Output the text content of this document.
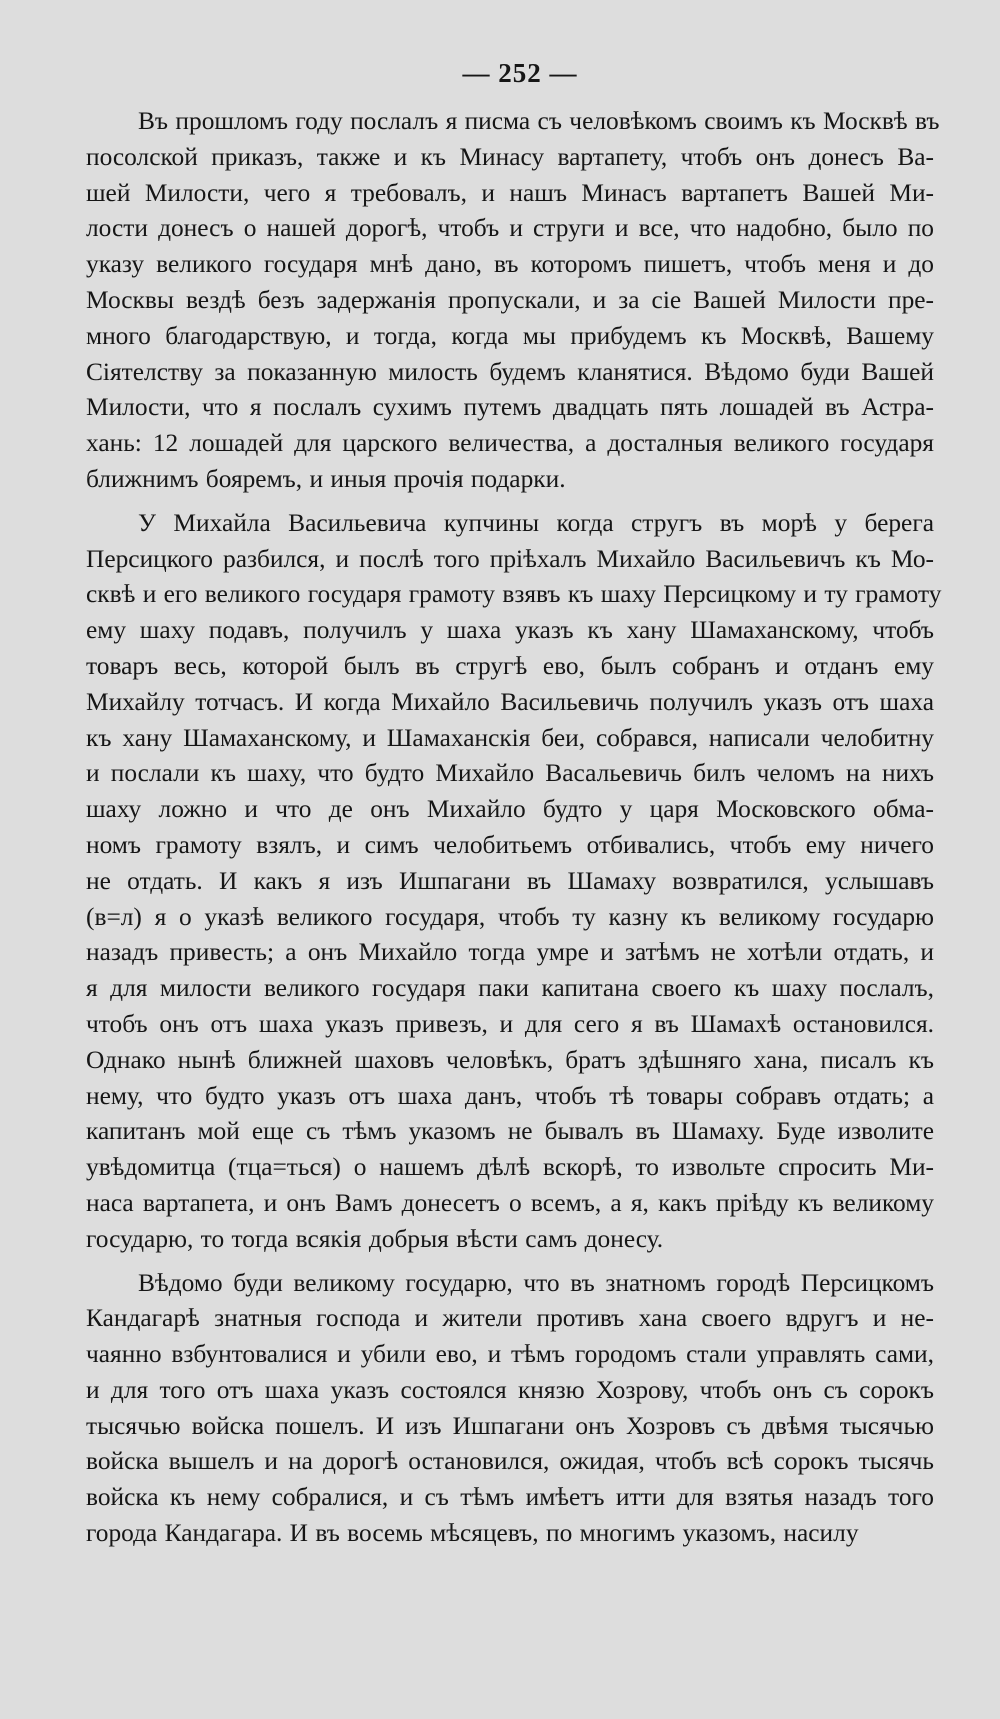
— 252 —
Въ прошломъ году послалъ я писма съ человѣкомъ своимъ къ Москвѣ въ
посолской приказъ, также и къ Минасу вартапету, чтобъ онъ донесъ Ва-
шей Милости, чего я требовалъ, и нашъ Минасъ вартапетъ Вашей Ми-
лости донесъ о нашей дорогѣ, чтобъ и струги и все, что надобно, было по
указу великого государя мнѣ дано, въ которомъ пишетъ, чтобъ меня и до
Москвы вездѣ безъ задержанія пропускали, и за сіе Вашей Милости пре-
много благодарствую, и тогда, когда мы прибудемъ къ Москвѣ, Вашему
Сіятелству за показанную милость будемъ кланятися. Вѣдомо буди Вашей
Милости, что я послалъ сухимъ путемъ двадцать пять лошадей въ Астра-
хань: 12 лошадей для царского величества, а досталныя великого государя
ближнимъ бояремъ, и иныя прочія подарки.
У Михайла Васильевича купчины когда стругъ въ морѣ у берега
Персицкого разбился, и послѣ того пріѣхалъ Михайло Васильевичъ къ Мо-
сквѣ и его великого государя грамоту взявъ къ шаху Персицкому и ту грамоту
ему шаху подавъ, получилъ у шаха указъ къ хану Шамаханскому, чтобъ
товаръ весь, которой былъ въ стругѣ ево, былъ собранъ и отданъ ему
Михайлу тотчасъ. И когда Михайло Васильевичь получилъ указъ отъ шаха
къ хану Шамаханскому, и Шамаханскія беи, собрався, написали челобитну
и послали къ шаху, что будто Михайло Васальевичь билъ челомъ на нихъ
шаху ложно и что де онъ Михайло будто у царя Московского обма-
номъ грамоту взялъ, и симъ челобитьемъ отбивались, чтобъ ему ничего
не отдать. И какъ я изъ Ишпагани въ Шамаху возвратился, услышавъ
(в=л) я о указѣ великого государя, чтобъ ту казну къ великому государю
назадъ привесть; а онъ Михайло тогда умре и затѣмъ не хотѣли отдать, и
я для милости великого государя паки капитана своего къ шаху послалъ,
чтобъ онъ отъ шаха указъ привезъ, и для сего я въ Шамахѣ остановился.
Однако нынѣ ближней шаховъ человѣкъ, братъ здѣшняго хана, писалъ къ
нему, что будто указъ отъ шаха данъ, чтобъ тѣ товары собравъ отдать; а
капитанъ мой еще съ тѣмъ указомъ не бывалъ въ Шамаху. Буде изволите
увѣдомитца (тца=ться) о нашемъ дѣлѣ вскорѣ, то извольте спросить Ми-
наса вартапета, и онъ Вамъ донесетъ о всемъ, а я, какъ пріѣду къ великому
государю, то тогда всякія добрыя вѣсти самъ донесу.
Вѣдомо буди великому государю, что въ знатномъ городѣ Персицкомъ
Кандагарѣ знатныя господа и жители противъ хана своего вдругъ и не-
чаянно взбунтовалися и убили ево, и тѣмъ городомъ стали управлять сами,
и для того отъ шаха указъ состоялся князю Хозрову, чтобъ онъ съ сорокъ
тысячью войска пошелъ. И изъ Ишпагани онъ Хозровъ съ двѣмя тысячью
войска вышелъ и на дорогѣ остановился, ожидая, чтобъ всѣ сорокъ тысячь
войска къ нему собралися, и съ тѣмъ имѣетъ итти для взятья назадъ того
города Кандагара. И въ восемь мѣсяцевъ, по многимъ указомъ, насилу
